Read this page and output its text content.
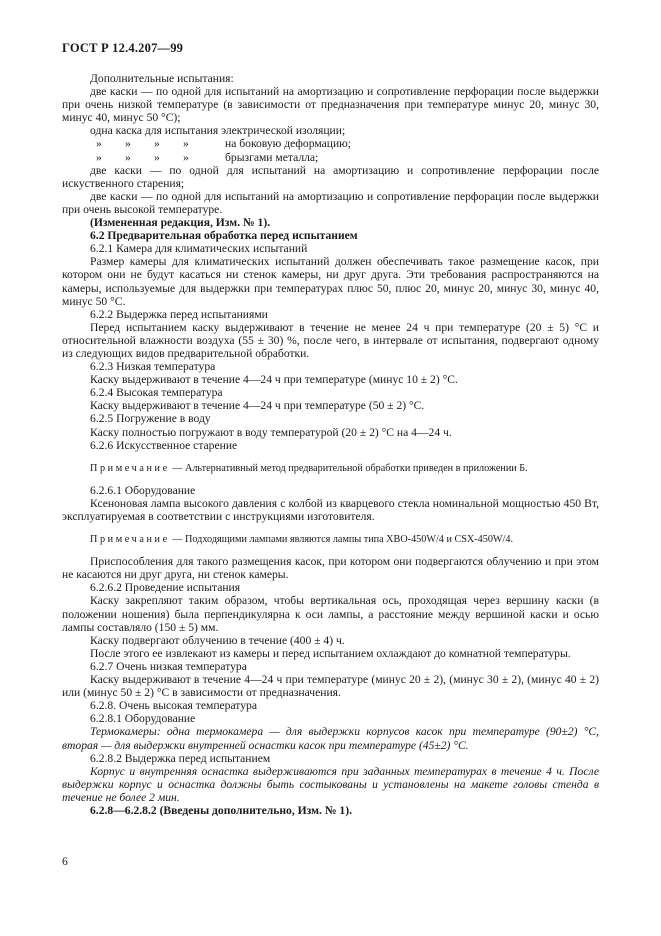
ГОСТ Р 12.4.207—99

Дополнительные испытания:

две каски — по одной для испытаний на амортизацию и сопротивление перфорации после выдержки при очень низкой температуре (в зависимости от предназначения при температуре минус 20, минус 30, минус 40, минус 50 °С);

одна каска для испытания электрической изоляции;

»	»	»	»	на боковую деформацию;
»	»	»	»	брызгами металла;

две каски — по одной для испытаний на амортизацию и сопротивление перфорации после искуственного старения;

две каски — по одной для испытаний на амортизацию и сопротивление перфорации после выдержки при очень высокой температуре.

(Измененная редакция, Изм. № 1).

6.2 Предварительная обработка перед испытанием

6.2.1 Камера для климатических испытаний

Размер камеры для климатических испытаний должен обеспечивать такое размещение касок, при котором они не будут касаться ни стенок камеры, ни друг друга. Эти требования распространяются на камеры, используемые для выдержки при температурах плюс 50, плюс 20, минус 20, минус 30, минус 40, минус 50 °С.

6.2.2 Выдержка перед испытаниями

Перед испытанием каску выдерживают в течение не менее 24 ч при температуре (20 ± 5) °С и относительной влажности воздуха (55 ± 30) %, после чего, в интервале от испытания, подвергают одному из следующих видов предварительной обработки.

6.2.3 Низкая температура

Каску выдерживают в течение 4—24 ч при температуре (минус 10 ± 2) °С.

6.2.4 Высокая температура

Каску выдерживают в течение 4—24 ч при температуре (50 ± 2) °С.

6.2.5 Погружение в воду

Каску полностью погружают в воду температурой (20 ± 2) °С на 4—24 ч.

6.2.6 Искусственное старение

Примечание — Альтернативный метод предварительной обработки приведен в приложении Б.

6.2.6.1 Оборудование

Ксеноновая лампа высокого давления с колбой из кварцевого стекла номинальной мощностью 450 Вт, эксплуатируемая в соответствии с инструкциями изготовителя.

Примечание — Подходящими лампами являются лампы типа XBO-450W/4 и CSX-450W/4.

Приспособления для такого размещения касок, при котором они подвергаются облучению и при этом не касаются ни друг друга, ни стенок камеры.

6.2.6.2 Проведение испытания

Каску закрепляют таким образом, чтобы вертикальная ось, проходящая через вершину каски (в положении ношения) была перпендикулярна к оси лампы, а расстояние между вершиной каски и осью лампы составляло (150 ± 5) мм.

Каску подвергают облучению в течение (400 ± 4) ч.

После этого ее извлекают из камеры и перед испытанием охлаждают до комнатной температуры.

6.2.7 Очень низкая температура

Каску выдерживают в течение 4—24 ч при температуре (минус 20 ± 2), (минус 30 ± 2), (минус 40 ± 2) или (минус 50 ± 2) °С в зависимости от предназначения.

6.2.8. Очень высокая температура

6.2.8.1 Оборудование

Термокамеры: одна термокамера — для выдержки корпусов касок при температуре (90±2) °С, вторая — для выдержки внутренней оснастки касок при температуре (45±2) °С.

6.2.8.2 Выдержка перед испытанием

Корпус и внутренняя оснастка выдерживаются при заданных температурах в течение 4 ч. После выдержки корпус и оснастка должны быть состыкованы и установлены на макете головы стенда в течение не более 2 мин.

6.2.8—6.2.8.2 (Введены дополнительно, Изм. № 1).

6
